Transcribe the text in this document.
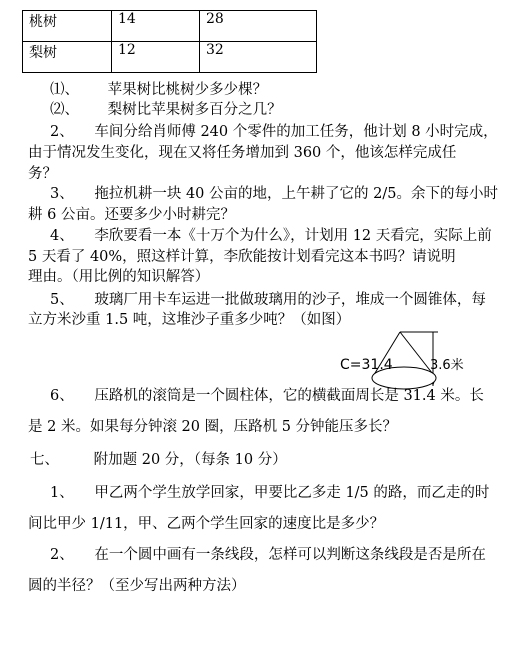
桃树	14	28
梨树	12	32
⑴、 苹果树比桃树少多少棵？
⑵、 梨树比苹果树多百分之几？
2、 车间分给肖师傅 240 个零件的加工任务，他计划 8 小时完成，
由于情况发生变化，现在又将任务增加到 360 个，他该怎样完成任
务？
3、 拖拉机耕一块 40 公亩的地，上午耕了它的 2/5。余下的每小时
耕 6 公亩。还要多少小时耕完？
4、 李欣要看一本《十万个为什么》，计划用 12 天看完，实际上前
5 天看了 40%，照这样计算，李欣能按计划看完这本书吗？请说明
理由。（用比例的知识解答）
5、 玻璃厂用卡车运进一批做玻璃用的沙子，堆成一个圆锥体，每
立方米沙重 1.5 吨，这堆沙子重多少吨？（如图）
3.6米
C=31.4
6、 压路机的滚筒是一个圆柱体，它的横截面周长是 31.4 米。长
是 2 米。如果每分钟滚 20 圈，压路机 5 分钟能压多长？
七、 附加题 20 分，（每条 10 分）
1、 甲乙两个学生放学回家，甲要比乙多走 1/5 的路，而乙走的时
间比甲少 1/11，甲、乙两个学生回家的速度比是多少？
2、 在一个圆中画有一条线段，怎样可以判断这条线段是否是所在
圆的半径？（至少写出两种方法）
